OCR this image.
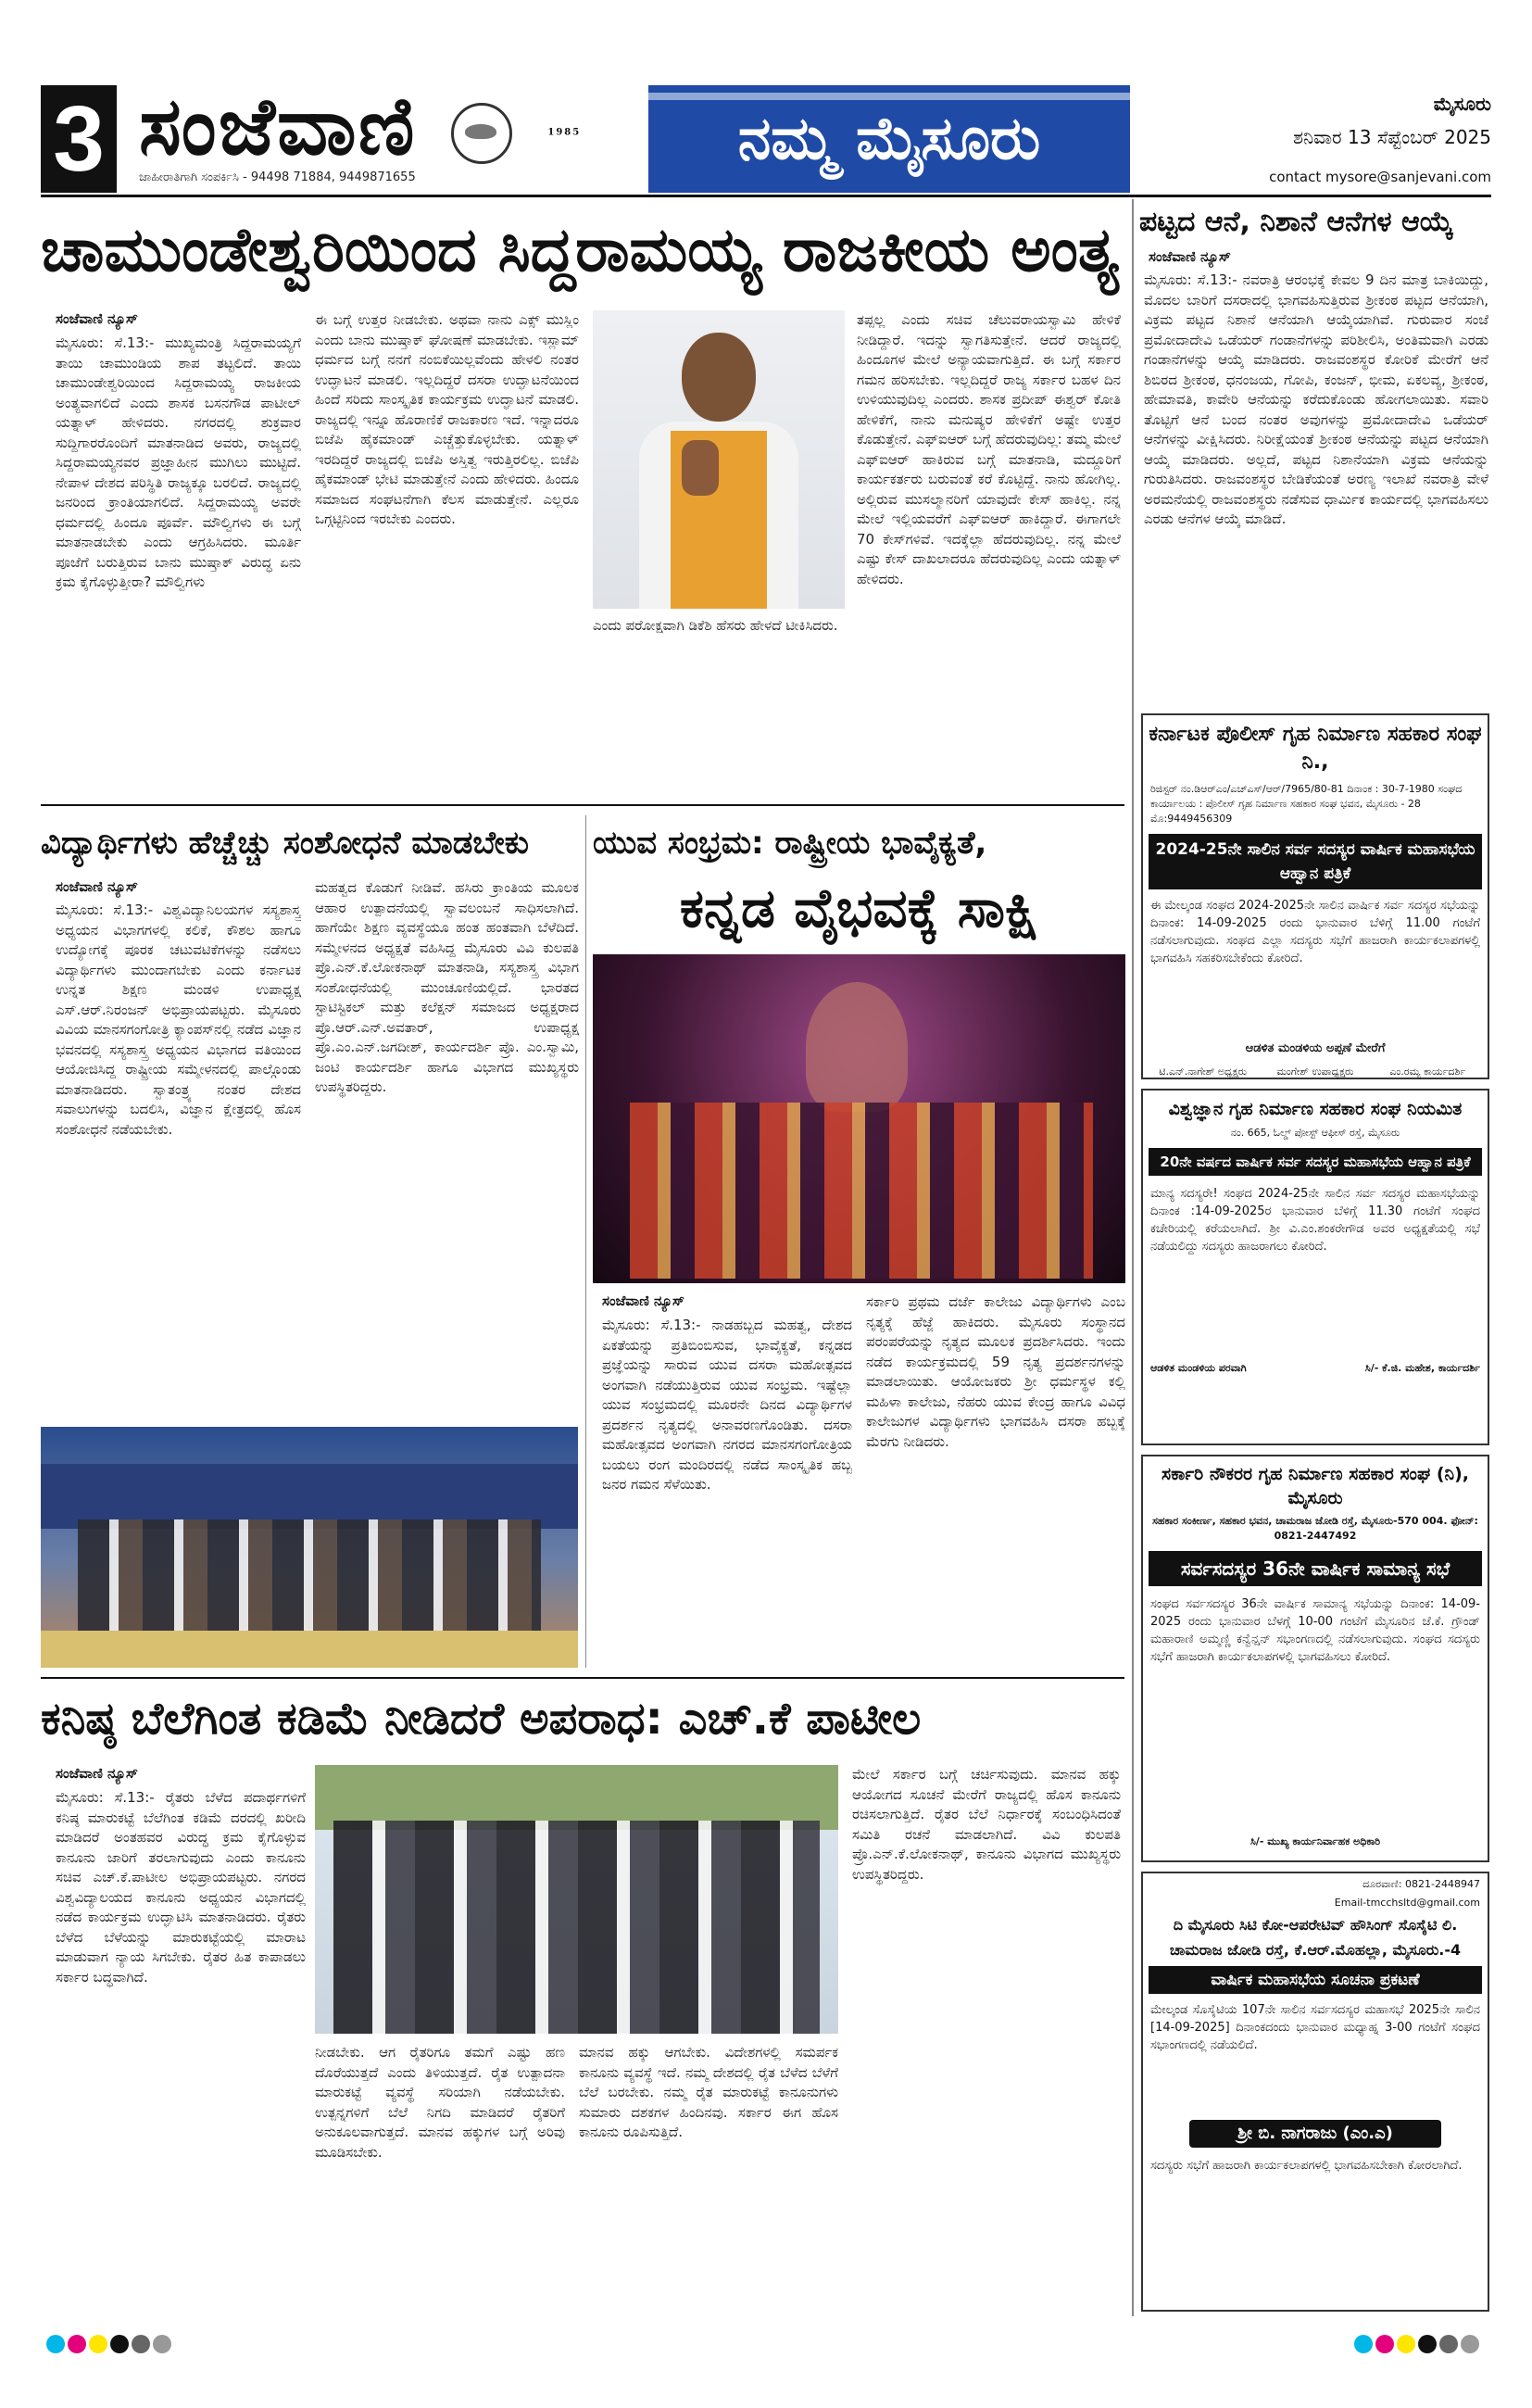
3 ಸಂಜೆವಾಣಿ	1985
ಜಾಹೀರಾತಿಗಾಗಿ ಸಂಪರ್ಕಿಸಿ - 94498 71884, 9449871655
ನಮ್ಮ ಮೈಸೂರು
ಮೈಸೂರು
ಶನಿವಾರ 13 ಸೆಪ್ಟೆಂಬರ್ 2025
contact mysore@sanjevani.com
ಚಾಮುಂಡೇಶ್ವರಿಯಿಂದ ಸಿದ್ದರಾಮಯ್ಯ ರಾಜಕೀಯ ಅಂತ್ಯ
ಸಂಜೆವಾಣಿ ನ್ಯೂಸ್
ಮೈಸೂರು: ಸೆ.13:- ಮುಖ್ಯಮಂತ್ರಿ ಸಿದ್ದರಾಮಯ್ಯಗೆ ತಾಯಿ ಚಾಮುಂಡಿಯ ಶಾಪ ತಟ್ಟಲಿದೆ. ತಾಯಿ ಚಾಮುಂಡೇಶ್ವರಿಯಿಂದ ಸಿದ್ದರಾಮಯ್ಯ ರಾಜಕೀಯ ಅಂತ್ಯವಾಗಲಿದೆ ಎಂದು ಶಾಸಕ ಬಸನಗೌಡ ಪಾಟೀಲ್ ಯತ್ನಾಳ್ ಹೇಳಿದರು. ನಗರದಲ್ಲಿ ಶುಕ್ರವಾರ ಸುದ್ದಿಗಾರರೊಂದಿಗೆ ಮಾತನಾಡಿದ ಅವರು, ರಾಜ್ಯದಲ್ಲಿ ಸಿದ್ದರಾಮಯ್ಯನವರ ಪ್ರಜ್ಞಾಹೀನ ಮುಗಿಲು ಮುಟ್ಟಿದೆ. ನೇಪಾಳ ದೇಶದ ಪರಿಸ್ಥಿತಿ ರಾಜ್ಯಕ್ಕೂ ಬರಲಿದೆ. ರಾಜ್ಯದಲ್ಲಿ ಜನರಿಂದ ಕ್ರಾಂತಿಯಾಗಲಿದೆ. ಸಿದ್ದರಾಮಯ್ಯ ಅವರೇ ಧರ್ಮದಲ್ಲಿ ಹಿಂದೂ ಪೂರ್ವೆ. ಮೌಲ್ವಿಗಳು ಈ ಬಗ್ಗೆ ಮಾತನಾಡಬೇಕು ಎಂದು ಆಗ್ರಹಿಸಿದರು. ಮೂರ್ತಿ ಪೂಜೆಗೆ ಬರುತ್ತಿರುವ ಬಾನು ಮುಷ್ತಾಕ್ ವಿರುದ್ಧ ಏನು ಕ್ರಮ ಕೈಗೊಳ್ಳುತ್ತೀರಾ? ಮೌಲ್ವಿಗಳು
ಈ ಬಗ್ಗೆ ಉತ್ತರ ನೀಡಬೇಕು. ಅಥವಾ ನಾನು ಎಕ್ಸ್ ಮುಸ್ಲಿಂ ಎಂದು ಬಾನು ಮುಷ್ತಾಕ್ ಘೋಷಣೆ ಮಾಡಬೇಕು. ಇಸ್ಲಾಮ್ ಧರ್ಮದ ಬಗ್ಗೆ ನನಗೆ ನಂಬಿಕೆಯಿಲ್ಲವೆಂದು ಹೇಳಲಿ ನಂತರ ಉದ್ಘಾಟನೆ ಮಾಡಲಿ. ಇಲ್ಲದಿದ್ದರೆ ದಸರಾ ಉದ್ಘಾಟನೆಯಿಂದ ಹಿಂದೆ ಸರಿದು ಸಾಂಸ್ಕೃತಿಕ ಕಾರ್ಯಕ್ರಮ ಉದ್ಘಾಟನೆ ಮಾಡಲಿ. ರಾಜ್ಯದಲ್ಲಿ ಇನ್ನೂ ಹೊರಾಣಿಕೆ ರಾಜಕಾರಣ ಇದೆ. ಇನ್ನಾದರೂ ಬಿಜೆಪಿ ಹೈಕಮಾಂಡ್ ಎಚ್ಚೆತ್ತುಕೊಳ್ಳಬೇಕು. ಯತ್ನಾಳ್ ಇರದಿದ್ದರೆ ರಾಜ್ಯದಲ್ಲಿ ಬಿಜೆಪಿ ಅಸ್ತಿತ್ವ ಇರುತ್ತಿರಲಿಲ್ಲ. ಬಿಜೆಪಿ ಹೈಕಮಾಂಡ್ ಭೇಟಿ ಮಾಡುತ್ತೇನೆ ಎಂದು ಹೇಳಿದರು. ಹಿಂದೂ ಸಮಾಜದ ಸಂಘಟನೆಗಾಗಿ ಕೆಲಸ ಮಾಡುತ್ತೇನೆ. ಎಲ್ಲರೂ ಒಗ್ಗಟ್ಟಿನಿಂದ ಇರಬೇಕು ಎಂದರು.
ಎಂದು ಪರೋಕ್ಷವಾಗಿ ಡಿಕೆಶಿ ಹೆಸರು ಹೇಳದೆ ಟೀಕಿಸಿದರು.
ತಪ್ಪಲ್ಲ ಎಂದು ಸಚಿವ ಚೆಲುವರಾಯಸ್ವಾಮಿ ಹೇಳಿಕೆ ನೀಡಿದ್ದಾರೆ. ಇದನ್ನು ಸ್ವಾಗತಿಸುತ್ತೇನೆ. ಆದರೆ ರಾಜ್ಯದಲ್ಲಿ ಹಿಂದೂಗಳ ಮೇಲೆ ಅನ್ಯಾಯವಾಗುತ್ತಿದೆ. ಈ ಬಗ್ಗೆ ಸರ್ಕಾರ ಗಮನ ಹರಿಸಬೇಕು. ಇಲ್ಲದಿದ್ದರೆ ರಾಜ್ಯ ಸರ್ಕಾರ ಬಹಳ ದಿನ ಉಳಿಯುವುದಿಲ್ಲ ಎಂದರು. ಶಾಸಕ ಪ್ರದೀಪ್ ಈಶ್ವರ್ ಕೋತಿ ಹೇಳಿಕೆಗೆ, ನಾನು ಮನುಷ್ಯರ ಹೇಳಿಕೆಗೆ ಅಷ್ಟೇ ಉತ್ತರ ಕೊಡುತ್ತೇನೆ. ಎಫ್‌ಐಆರ್ ಬಗ್ಗೆ ಹೆದರುವುದಿಲ್ಲ: ತಮ್ಮ ಮೇಲೆ ಎಫ್‌ಐಆರ್ ಹಾಕಿರುವ ಬಗ್ಗೆ ಮಾತನಾಡಿ, ಮದ್ದೂರಿಗೆ ಕಾರ್ಯಕರ್ತರು ಬರುವಂತೆ ಕರೆ ಕೊಟ್ಟಿದ್ದೆ. ನಾನು ಹೋಗಿಲ್ಲ. ಅಲ್ಲಿರುವ ಮುಸಲ್ಮಾನರಿಗೆ ಯಾವುದೇ ಕೇಸ್ ಹಾಕಿಲ್ಲ. ನನ್ನ ಮೇಲೆ ಇಲ್ಲಿಯವರೆಗೆ ಎಫ್‌ಐಆರ್ ಹಾಕಿದ್ದಾರೆ. ಈಗಾಗಲೇ 70 ಕೇಸ್‌ಗಳಿವೆ. ಇದಕ್ಕೆಲ್ಲಾ ಹೆದರುವುದಿಲ್ಲ. ನನ್ನ ಮೇಲೆ ಎಷ್ಟು ಕೇಸ್ ದಾಖಲಾದರೂ ಹೆದರುವುದಿಲ್ಲ ಎಂದು ಯತ್ನಾಳ್ ಹೇಳಿದರು.
ಪಟ್ಟದ ಆನೆ, ನಿಶಾನೆ ಆನೆಗಳ ಆಯ್ಕೆ
ಸಂಜೆವಾಣಿ ನ್ಯೂಸ್
ಮೈಸೂರು: ಸೆ.13:- ನವರಾತ್ರಿ ಆರಂಭಕ್ಕೆ ಕೇವಲ 9 ದಿನ ಮಾತ್ರ ಬಾಕಿಯಿದ್ದು, ಮೊದಲ ಬಾರಿಗೆ ದಸರಾದಲ್ಲಿ ಭಾಗವಹಿಸುತ್ತಿರುವ ಶ್ರೀಕಂಠ ಪಟ್ಟದ ಆನೆಯಾಗಿ, ವಿಕ್ರಮ ಪಟ್ಟದ ನಿಶಾನೆ ಆನೆಯಾಗಿ ಆಯ್ಕೆಯಾಗಿವೆ. ಗುರುವಾರ ಸಂಜೆ ಪ್ರಮೋದಾದೇವಿ ಒಡೆಯರ್ ಗಂಡಾನೆಗಳನ್ನು ಪರಿಶೀಲಿಸಿ, ಅಂತಿಮವಾಗಿ ಎರಡು ಗಂಡಾನೆಗಳನ್ನು ಆಯ್ಕೆ ಮಾಡಿದರು. ರಾಜವಂಶಸ್ಥರ ಕೋರಿಕೆ ಮೇರೆಗೆ ಆನೆ ಶಿಬಿರದ ಶ್ರೀಕಂಠ, ಧನಂಜಯ, ಗೋಪಿ, ಕಂಜನ್, ಭೀಮ, ಏಕಲವ್ಯ, ಶ್ರೀಕಂಠ, ಹೇಮಾವತಿ, ಕಾವೇರಿ ಆನೆಯನ್ನು ಕರೆದುಕೊಂಡು ಹೋಗಲಾಯಿತು. ಸವಾರಿ ತೊಟ್ಟಿಗೆ ಆನೆ ಬಂದ ನಂತರ ಅವುಗಳನ್ನು ಪ್ರಮೋದಾದೇವಿ ಒಡೆಯರ್ ಆನೆಗಳನ್ನು ವೀಕ್ಷಿಸಿದರು. ನಿರೀಕ್ಷೆಯಂತೆ ಶ್ರೀಕಂಠ ಆನೆಯನ್ನು ಪಟ್ಟದ ಆನೆಯಾಗಿ ಆಯ್ಕೆ ಮಾಡಿದರು. ಅಲ್ಲದೆ, ಪಟ್ಟದ ನಿಶಾನೆಯಾಗಿ ವಿಕ್ರಮ ಆನೆಯನ್ನು ಗುರುತಿಸಿದರು. ರಾಜವಂಶಸ್ಥರ ಬೇಡಿಕೆಯಂತೆ ಅರಣ್ಯ ಇಲಾಖೆ ನವರಾತ್ರಿ ವೇಳೆ ಅರಮನೆಯಲ್ಲಿ ರಾಜವಂಶಸ್ಥರು ನಡೆಸುವ ಧಾರ್ಮಿಕ ಕಾರ್ಯದಲ್ಲಿ ಭಾಗವಹಿಸಲು ಎರಡು ಆನೆಗಳ ಆಯ್ಕೆ ಮಾಡಿದೆ.
ಕರ್ನಾಟಕ ಪೊಲೀಸ್ ಗೃಹ ನಿರ್ಮಾಣ ಸಹಕಾರ ಸಂಘ ನಿ.,
ರಿಜಿಸ್ಟರ್ ನಂ.ಡಿಆರ್‌ಎಂ/ಎಚ್‌ಎಸ್/ಆರ್/7965/80-81 ದಿನಾಂಕ : 30-7-1980 ಸಂಘದ ಕಾರ್ಯಾಲಯ : ಪೊಲೀಸ್ ಗೃಹ ನಿರ್ಮಾಣ ಸಹಕಾರ ಸಂಘ ಭವನ, ಮೈಸೂರು - 28 ಮೊ:9449456309
2024-25ನೇ ಸಾಲಿನ ಸರ್ವ ಸದಸ್ಯರ ವಾರ್ಷಿಕ ಮಹಾಸಭೆಯ ಆಹ್ವಾನ ಪತ್ರಿಕೆ
ಈ ಮೇಲ್ಕಂಡ ಸಂಘದ 2024-2025ನೇ ಸಾಲಿನ ವಾರ್ಷಿಕ ಸರ್ವ ಸದಸ್ಯರ ಸಭೆಯನ್ನು ದಿನಾಂಕ: 14-09-2025 ರಂದು ಭಾನುವಾರ ಬೆಳಿಗ್ಗೆ 11.00 ಗಂಟೆಗೆ ನಡೆಸಲಾಗುವುದು. ಸಂಘದ ಎಲ್ಲಾ ಸದಸ್ಯರು ಸಭೆಗೆ ಹಾಜರಾಗಿ ಕಾರ್ಯಕಲಾಪಗಳಲ್ಲಿ ಭಾಗವಹಿಸಿ ಸಹಕರಿಸಬೇಕೆಂದು ಕೋರಿದೆ.
ಆಡಳಿತ ಮಂಡಳಿಯ ಅಪ್ಪಣೆ ಮೇರೆಗೆ
ಟಿ.ಎನ್.ನಾಗೇಶ್ ಅಧ್ಯಕ್ಷರು	ಮಂಗೇಶ್ ಉಪಾಧ್ಯಕ್ಷರು	ಎಂ.ರಮ್ಯ ಕಾರ್ಯದರ್ಶಿ
ವಿಶ್ವಜ್ಞಾನ ಗೃಹ ನಿರ್ಮಾಣ ಸಹಕಾರ ಸಂಘ ನಿಯಮಿತ
ನಂ. 665, ಓಲ್ಡ್ ಪೋಸ್ಟ್ ಆಫೀಸ್ ರಸ್ತೆ, ಮೈಸೂರು
20ನೇ ವರ್ಷದ ವಾರ್ಷಿಕ ಸರ್ವ ಸದಸ್ಯರ ಮಹಾಸಭೆಯ ಆಹ್ವಾನ ಪತ್ರಿಕೆ
ಮಾನ್ಯ ಸದಸ್ಯರೇ! ಸಂಘದ 2024-25ನೇ ಸಾಲಿನ ಸರ್ವ ಸದಸ್ಯರ ಮಹಾಸಭೆಯನ್ನು ದಿನಾಂಕ :14-09-2025ರ ಭಾನುವಾರ ಬೆಳಿಗ್ಗೆ 11.30 ಗಂಟೆಗೆ ಸಂಘದ ಕಚೇರಿಯಲ್ಲಿ ಕರೆಯಲಾಗಿದೆ. ಶ್ರೀ ವಿ.ಎಂ.ಶಂಕರೇಗೌಡ ಅವರ ಅಧ್ಯಕ್ಷತೆಯಲ್ಲಿ ಸಭೆ ನಡೆಯಲಿದ್ದು ಸದಸ್ಯರು ಹಾಜರಾಗಲು ಕೋರಿದೆ.
ಆಡಳಿತ ಮಂಡಳಿಯ ಪರವಾಗಿ	ಸಿ/- ಕೆ.ಜಿ. ಮಹೇಶ, ಕಾರ್ಯದರ್ಶಿ
ಸರ್ಕಾರಿ ನೌಕರರ ಗೃಹ ನಿರ್ಮಾಣ ಸಹಕಾರ ಸಂಘ (ನಿ), ಮೈಸೂರು
ಸಹಕಾರ ಸಂಕೀರ್ಣ, ಸಹಕಾರ ಭವನ, ಚಾಮರಾಜ ಜೋಡಿ ರಸ್ತೆ, ಮೈಸೂರು-570 004. ಫೋನ್: 0821-2447492
ಸರ್ವಸದಸ್ಯರ 36ನೇ ವಾರ್ಷಿಕ ಸಾಮಾನ್ಯ ಸಭೆ
ಸಂಘದ ಸರ್ವಸದಸ್ಯರ 36ನೇ ವಾರ್ಷಿಕ ಸಾಮಾನ್ಯ ಸಭೆಯನ್ನು ದಿನಾಂಕ: 14-09-2025 ರಂದು ಭಾನುವಾರ ಬೆಳಗ್ಗೆ 10-00 ಗಂಟೆಗೆ ಮೈಸೂರಿನ ಜೆ.ಕೆ. ಗ್ರೌಂಡ್ ಮಹಾರಾಣಿ ಅಮ್ಮಣ್ಣಿ ಕನ್ವೆನ್ಷನ್ ಸಭಾಂಗಣದಲ್ಲಿ ನಡೆಸಲಾಗುವುದು. ಸಂಘದ ಸದಸ್ಯರು ಸಭೆಗೆ ಹಾಜರಾಗಿ ಕಾರ್ಯಕಲಾಪಗಳಲ್ಲಿ ಭಾಗವಹಿಸಲು ಕೋರಿದೆ.
ಸಿ/- ಮುಖ್ಯ ಕಾರ್ಯನಿರ್ವಾಹಕ ಅಧಿಕಾರಿ

ದೂರವಾಣಿ: 0821-2448947
Email-tmcchsltd@gmail.com
ದಿ ಮೈಸೂರು ಸಿಟಿ ಕೋ-ಆಪರೇಟಿವ್ ಹೌಸಿಂಗ್ ಸೊಸೈಟಿ ಲಿ.
ಚಾಮರಾಜ ಜೋಡಿ ರಸ್ತೆ, ಕೆ.ಆರ್.ಮೊಹಲ್ಲಾ, ಮೈಸೂರು.-4
ವಾರ್ಷಿಕ ಮಹಾಸಭೆಯ ಸೂಚನಾ ಪ್ರಕಟಣೆ
ಮೇಲ್ಕಂಡ ಸೊಸೈಟಿಯ 107ನೇ ಸಾಲಿನ ಸರ್ವಸದಸ್ಯರ ಮಹಾಸಭೆ 2025ನೇ ಸಾಲಿನ [14-09-2025] ದಿನಾಂಕದಂದು ಭಾನುವಾರ ಮಧ್ಯಾಹ್ನ 3-00 ಗಂಟೆಗೆ ಸಂಘದ ಸಭಾಂಗಣದಲ್ಲಿ ನಡೆಯಲಿದೆ.
ಶ್ರೀ ಬಿ. ನಾಗರಾಜು (ಎಂ.ಎ)
ಸದಸ್ಯರು ಸಭೆಗೆ ಹಾಜರಾಗಿ ಕಾರ್ಯಕಲಾಪಗಳಲ್ಲಿ ಭಾಗವಹಿಸಬೇಕಾಗಿ ಕೋರಲಾಗಿದೆ.
ವಿದ್ಯಾರ್ಥಿಗಳು ಹೆಚ್ಚೆಚ್ಚು ಸಂಶೋಧನೆ ಮಾಡಬೇಕು
ಸಂಜೆವಾಣಿ ನ್ಯೂಸ್
ಮೈಸೂರು: ಸೆ.13:- ವಿಶ್ವವಿದ್ಯಾನಿಲಯಗಳ ಸಸ್ಯಶಾಸ್ತ್ರ ಅಧ್ಯಯನ ವಿಭಾಗಗಳಲ್ಲಿ ಕಲಿಕೆ, ಕೌಶಲ ಹಾಗೂ ಉದ್ಯೋಗಕ್ಕೆ ಪೂರಕ ಚಟುವಟಿಕೆಗಳನ್ನು ನಡೆಸಲು ವಿದ್ಯಾರ್ಥಿಗಳು ಮುಂದಾಗಬೇಕು ಎಂದು ಕರ್ನಾಟಕ ಉನ್ನತ ಶಿಕ್ಷಣ ಮಂಡಳಿ ಉಪಾಧ್ಯಕ್ಷ ಎಸ್.ಆರ್.ನಿರಂಜನ್ ಅಭಿಪ್ರಾಯಪಟ್ಟರು. ಮೈಸೂರು ವಿವಿಯ ಮಾನಸಗಂಗೋತ್ರಿ ಕ್ಯಾಂಪಸ್‌ನಲ್ಲಿ ನಡೆದ ವಿಜ್ಞಾನ ಭವನದಲ್ಲಿ ಸಸ್ಯಶಾಸ್ತ್ರ ಅಧ್ಯಯನ ವಿಭಾಗದ ವತಿಯಿಂದ ಆಯೋಜಿಸಿದ್ದ ರಾಷ್ಟ್ರೀಯ ಸಮ್ಮೇಳನದಲ್ಲಿ ಪಾಲ್ಗೊಂಡು ಮಾತನಾಡಿದರು. ಸ್ವಾತಂತ್ರ್ಯ ನಂತರ ದೇಶದ ಸವಾಲುಗಳನ್ನು ಬದಲಿಸಿ, ವಿಜ್ಞಾನ ಕ್ಷೇತ್ರದಲ್ಲಿ ಹೊಸ ಸಂಶೋಧನೆ ನಡೆಯಬೇಕು.
ಮಹತ್ವದ ಕೊಡುಗೆ ನೀಡಿವೆ. ಹಸಿರು ಕ್ರಾಂತಿಯ ಮೂಲಕ ಆಹಾರ ಉತ್ಪಾದನೆಯಲ್ಲಿ ಸ್ವಾವಲಂಬನೆ ಸಾಧಿಸಲಾಗಿದೆ. ಹಾಗೆಯೇ ಶಿಕ್ಷಣ ವ್ಯವಸ್ಥೆಯೂ ಹಂತ ಹಂತವಾಗಿ ಬೆಳೆದಿದೆ. ಸಮ್ಮೇಳನದ ಅಧ್ಯಕ್ಷತೆ ವಹಿಸಿದ್ದ ಮೈಸೂರು ವಿವಿ ಕುಲಪತಿ ಪ್ರೊ.ಎನ್.ಕೆ.ಲೋಕನಾಥ್ ಮಾತನಾಡಿ, ಸಸ್ಯಶಾಸ್ತ್ರ ವಿಭಾಗ ಸಂಶೋಧನೆಯಲ್ಲಿ ಮುಂಚೂಣಿಯಲ್ಲಿದೆ. ಭಾರತದ ಸ್ಟಾಟಿಸ್ಟಿಕಲ್ ಮತ್ತು ಕಲೆಕ್ಷನ್ ಸಮಾಜದ ಅಧ್ಯಕ್ಷರಾದ ಪ್ರೊ.ಆರ್.ಎನ್.ಅವತಾರ್, ಉಪಾಧ್ಯಕ್ಷ ಪ್ರೊ.ಎಂ.ಎನ್.ಜಗದೀಶ್, ಕಾರ್ಯದರ್ಶಿ ಪ್ರೊ. ಎಂ.ಸ್ವಾಮಿ, ಜಂಟಿ ಕಾರ್ಯದರ್ಶಿ ಹಾಗೂ ವಿಭಾಗದ ಮುಖ್ಯಸ್ಥರು ಉಪಸ್ಥಿತರಿದ್ದರು.
ಯುವ ಸಂಭ್ರಮ: ರಾಷ್ಟ್ರೀಯ ಭಾವೈಕ್ಯತೆ,
ಕನ್ನಡ ವೈಭವಕ್ಕೆ ಸಾಕ್ಷಿ
ಸಂಜೆವಾಣಿ ನ್ಯೂಸ್
ಮೈಸೂರು: ಸೆ.13:- ನಾಡಹಬ್ಬದ ಮಹತ್ವ, ದೇಶದ ಏಕತೆಯನ್ನು ಪ್ರತಿಬಿಂಬಿಸುವ, ಭಾವೈಕ್ಯತೆ, ಕನ್ನಡದ ಪ್ರಜ್ಞೆಯನ್ನು ಸಾರುವ ಯುವ ದಸರಾ ಮಹೋತ್ಸವದ ಅಂಗವಾಗಿ ನಡೆಯುತ್ತಿರುವ ಯುವ ಸಂಭ್ರಮ. ಇಷ್ಟೆಲ್ಲಾ ಯುವ ಸಂಭ್ರಮದಲ್ಲಿ ಮೂರನೇ ದಿನದ ವಿದ್ಯಾರ್ಥಿಗಳ ಪ್ರದರ್ಶನ ನೃತ್ಯದಲ್ಲಿ ಅನಾವರಣಗೊಂಡಿತು. ದಸರಾ ಮಹೋತ್ಸವದ ಅಂಗವಾಗಿ ನಗರದ ಮಾನಸಗಂಗೋತ್ರಿಯ ಬಯಲು ರಂಗ ಮಂದಿರದಲ್ಲಿ ನಡೆದ ಸಾಂಸ್ಕೃತಿಕ ಹಬ್ಬ ಜನರ ಗಮನ ಸೆಳೆಯಿತು.
ಸರ್ಕಾರಿ ಪ್ರಥಮ ದರ್ಜೆ ಕಾಲೇಜು ವಿದ್ಯಾರ್ಥಿಗಳು ಎಂಬ ನೃತ್ಯಕ್ಕೆ ಹೆಜ್ಜೆ ಹಾಕಿದರು. ಮೈಸೂರು ಸಂಸ್ಥಾನದ ಪರಂಪರೆಯನ್ನು ನೃತ್ಯದ ಮೂಲಕ ಪ್ರದರ್ಶಿಸಿದರು. ಇಂದು ನಡೆದ ಕಾರ್ಯಕ್ರಮದಲ್ಲಿ 59 ನೃತ್ಯ ಪ್ರದರ್ಶನಗಳನ್ನು ಮಾಡಲಾಯಿತು. ಆಯೋಜಕರು ಶ್ರೀ ಧರ್ಮಸ್ಥಳ ಕಲ್ಲಿ ಮಹಿಳಾ ಕಾಲೇಜು, ನೆಹರು ಯುವ ಕೇಂದ್ರ ಹಾಗೂ ವಿವಿಧ ಕಾಲೇಜುಗಳ ವಿದ್ಯಾರ್ಥಿಗಳು ಭಾಗವಹಿಸಿ ದಸರಾ ಹಬ್ಬಕ್ಕೆ ಮೆರಗು ನೀಡಿದರು.
ಕನಿಷ್ಠ ಬೆಲೆಗಿಂತ ಕಡಿಮೆ ನೀಡಿದರೆ ಅಪರಾಧ: ಎಚ್.ಕೆ ಪಾಟೀಲ
ಸಂಜೆವಾಣಿ ನ್ಯೂಸ್
ಮೈಸೂರು: ಸೆ.13:- ರೈತರು ಬೆಳೆದ ಪದಾರ್ಥಗಳಿಗೆ ಕನಿಷ್ಠ ಮಾರುಕಟ್ಟೆ ಬೆಲೆಗಿಂತ ಕಡಿಮೆ ದರದಲ್ಲಿ ಖರೀದಿ ಮಾಡಿದರೆ ಅಂತಹವರ ವಿರುದ್ಧ ಕ್ರಮ ಕೈಗೊಳ್ಳುವ ಕಾನೂನು ಜಾರಿಗೆ ತರಲಾಗುವುದು ಎಂದು ಕಾನೂನು ಸಚಿವ ಎಚ್.ಕೆ.ಪಾಟೀಲ ಅಭಿಪ್ರಾಯಪಟ್ಟರು. ನಗರದ ವಿಶ್ವವಿದ್ಯಾಲಯದ ಕಾನೂನು ಅಧ್ಯಯನ ವಿಭಾಗದಲ್ಲಿ ನಡೆದ ಕಾರ್ಯಕ್ರಮ ಉದ್ಘಾಟಿಸಿ ಮಾತನಾಡಿದರು. ರೈತರು ಬೆಳೆದ ಬೆಳೆಯನ್ನು ಮಾರುಕಟ್ಟೆಯಲ್ಲಿ ಮಾರಾಟ ಮಾಡುವಾಗ ನ್ಯಾಯ ಸಿಗಬೇಕು. ರೈತರ ಹಿತ ಕಾಪಾಡಲು ಸರ್ಕಾರ ಬದ್ಧವಾಗಿದೆ.
ನೀಡಬೇಕು. ಆಗ ರೈತರಿಗೂ ತಮಗೆ ಎಷ್ಟು ಹಣ ದೊರೆಯುತ್ತದೆ ಎಂದು ತಿಳಿಯುತ್ತದೆ. ರೈತ ಉತ್ಪಾದನಾ ಮಾರುಕಟ್ಟೆ ವ್ಯವಸ್ಥೆ ಸರಿಯಾಗಿ ನಡೆಯಬೇಕು. ಉತ್ಪನ್ನಗಳಿಗೆ ಬೆಲೆ ನಿಗದಿ ಮಾಡಿದರೆ ರೈತರಿಗೆ ಅನುಕೂಲವಾಗುತ್ತದೆ. ಮಾನವ ಹಕ್ಕುಗಳ ಬಗ್ಗೆ ಅರಿವು ಮೂಡಿಸಬೇಕು.
ಮಾನವ ಹಕ್ಕು ಆಗಬೇಕು. ವಿದೇಶಗಳಲ್ಲಿ ಸಮರ್ಪಕ ಕಾನೂನು ವ್ಯವಸ್ಥೆ ಇದೆ. ನಮ್ಮ ದೇಶದಲ್ಲಿ ರೈತ ಬೆಳೆದ ಬೆಳೆಗೆ ಬೆಲೆ ಬರಬೇಕು. ನಮ್ಮ ರೈತ ಮಾರುಕಟ್ಟೆ ಕಾನೂನುಗಳು ಸುಮಾರು ದಶಕಗಳ ಹಿಂದಿನವು. ಸರ್ಕಾರ ಈಗ ಹೊಸ ಕಾನೂನು ರೂಪಿಸುತ್ತಿದೆ.
ಮೇಲೆ ಸರ್ಕಾರ ಬಗ್ಗೆ ಚರ್ಚಿಸುವುದು. ಮಾನವ ಹಕ್ಕು ಆಯೋಗದ ಸೂಚನೆ ಮೇರೆಗೆ ರಾಜ್ಯದಲ್ಲಿ ಹೊಸ ಕಾನೂನು ರಚಿಸಲಾಗುತ್ತಿದೆ. ರೈತರ ಬೆಲೆ ನಿರ್ಧಾರಕ್ಕೆ ಸಂಬಂಧಿಸಿದಂತೆ ಸಮಿತಿ ರಚನೆ ಮಾಡಲಾಗಿದೆ. ವಿವಿ ಕುಲಪತಿ ಪ್ರೊ.ಎನ್.ಕೆ.ಲೋಕನಾಥ್, ಕಾನೂನು ವಿಭಾಗದ ಮುಖ್ಯಸ್ಥರು ಉಪಸ್ಥಿತರಿದ್ದರು.
